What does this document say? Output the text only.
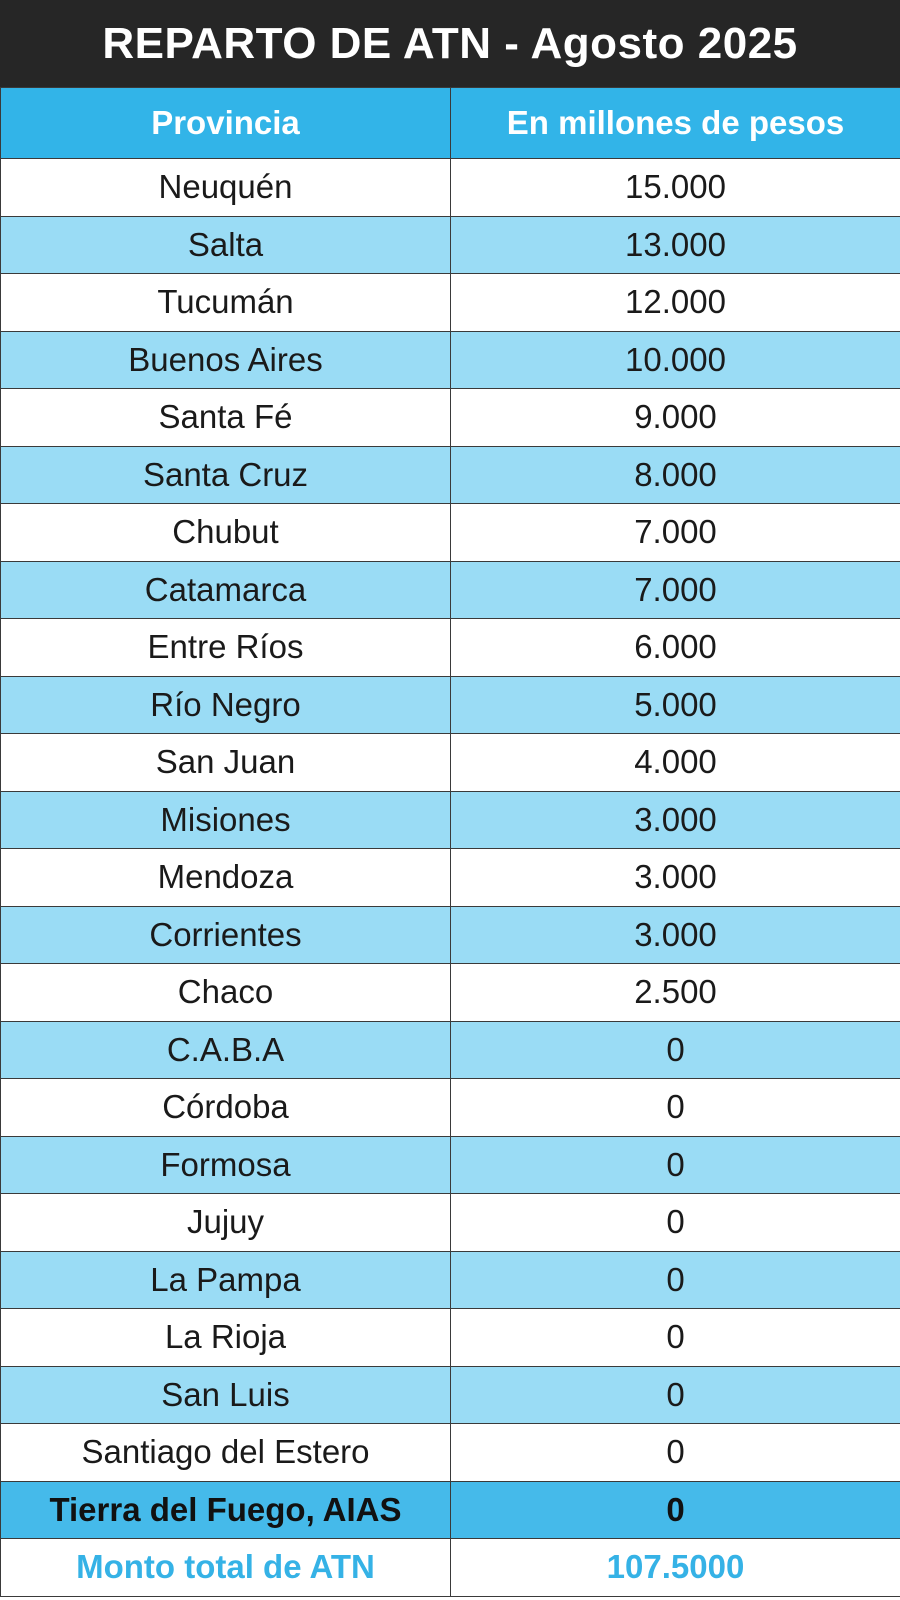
REPARTO DE ATN - Agosto 2025
Provincia	En millones de pesos
Neuquén	15.000
Salta	13.000
Tucumán	12.000
Buenos Aires	10.000
Santa Fé	9.000
Santa Cruz	8.000
Chubut	7.000
Catamarca	7.000
Entre Ríos	6.000
Río Negro	5.000
San Juan	4.000
Misiones	3.000
Mendoza	3.000
Corrientes	3.000
Chaco	2.500
C.A.B.A	0
Córdoba	0
Formosa	0
Jujuy	0
La Pampa	0
La Rioja	0
San Luis	0
Santiago del Estero	0
Tierra del Fuego, AIAS	0
Monto total de ATN	107.5000
